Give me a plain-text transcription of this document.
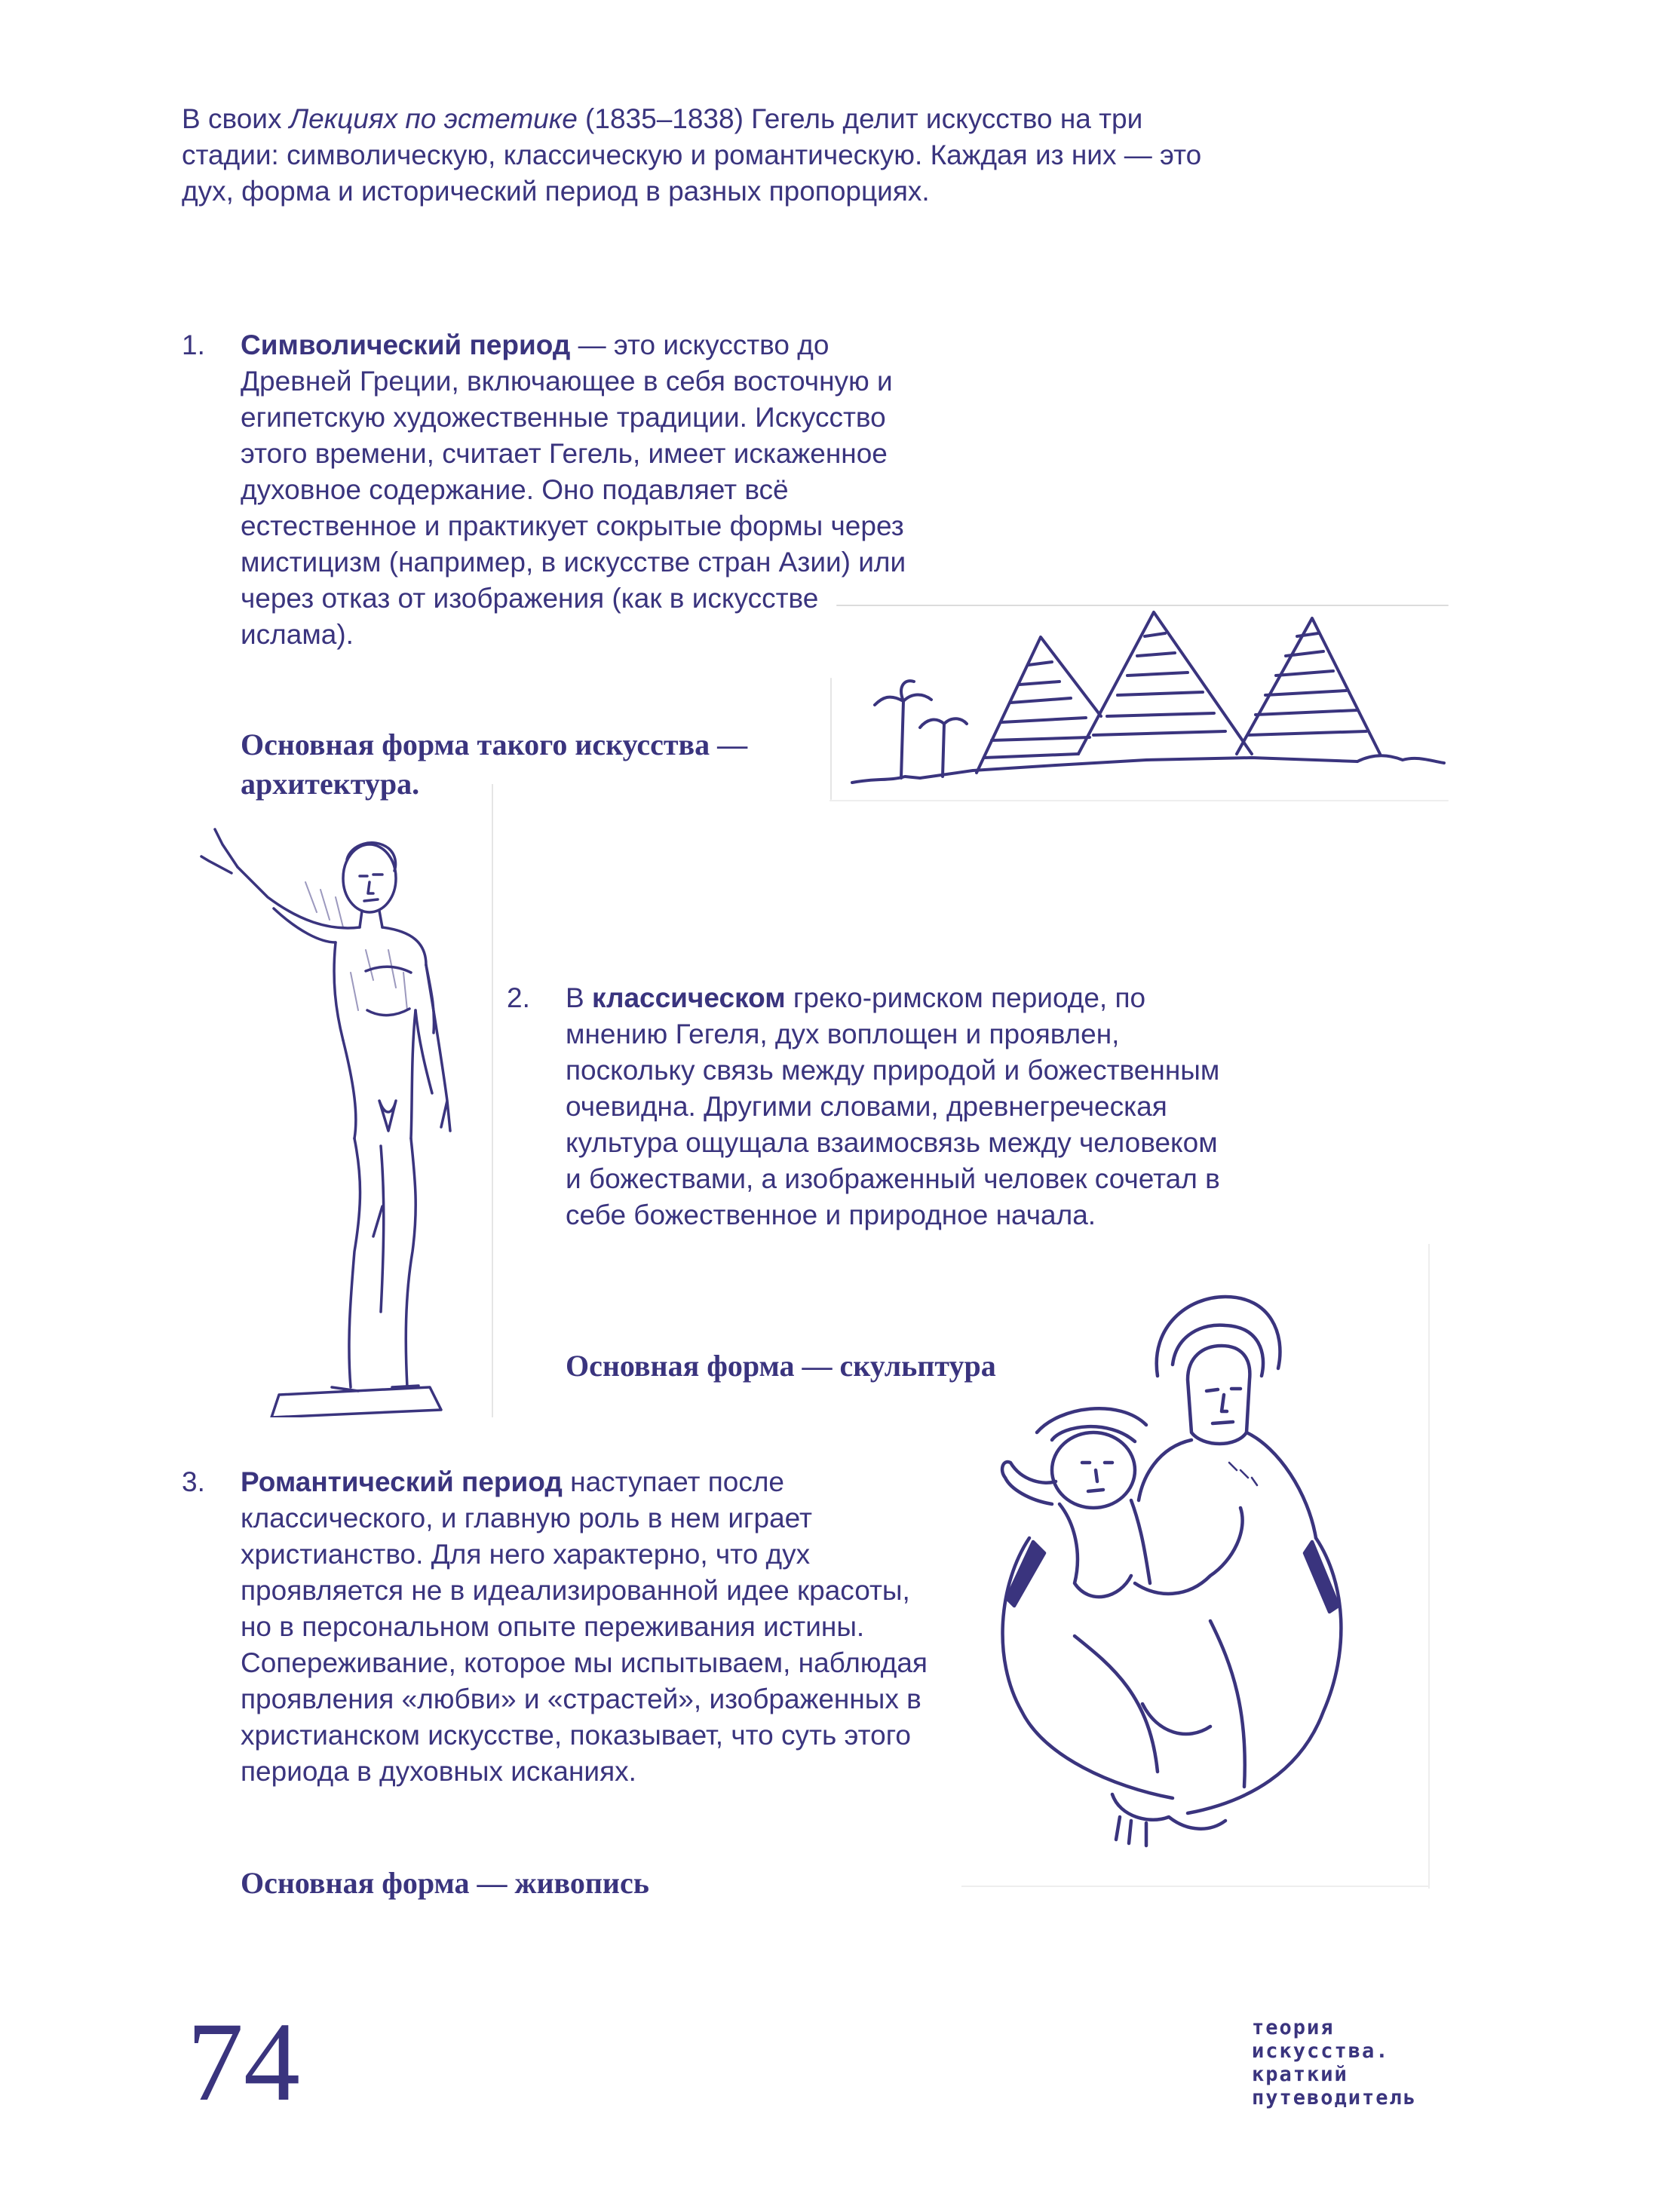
В своих Лекциях по эстетике (1835–1838) Гегель делит искусство на три стадии: символическую, классическую и романтическую. Каждая из них — это дух, форма и исторический период в разных пропорциях.

1. Символический период — это искусство до Древней Греции, включающее в себя восточную и египетскую художественные традиции. Искусство этого времени, считает Гегель, имеет искаженное духовное содержание. Оно подавляет всё естественное и практикует сокрытые формы через мистицизм (например, в искусстве стран Азии) или через отказ от изображения (как в искусстве ислама).

Основная форма такого искусства — архитектура.

2. В классическом греко-римском периоде, по мнению Гегеля, дух воплощен и проявлен, поскольку связь между природой и божественным очевидна. Другими словами, древнегреческая культура ощущала взаимосвязь между человеком и божествами, а изображенный человек сочетал в себе божественное и природное начала.

Основная форма — скульптура

3. Романтический период наступает после классического, и главную роль в нем играет христианство. Для него характерно, что дух проявляется не в идеализированной идее красоты, но в персональном опыте переживания истины. Сопереживание, которое мы испытываем, наблюдая проявления «любви» и «страстей», изображенных в христианском искусстве, показывает, что суть этого периода в духовных исканиях.

Основная форма — живопись

74	теория
искусства.
краткий
путеводитель
